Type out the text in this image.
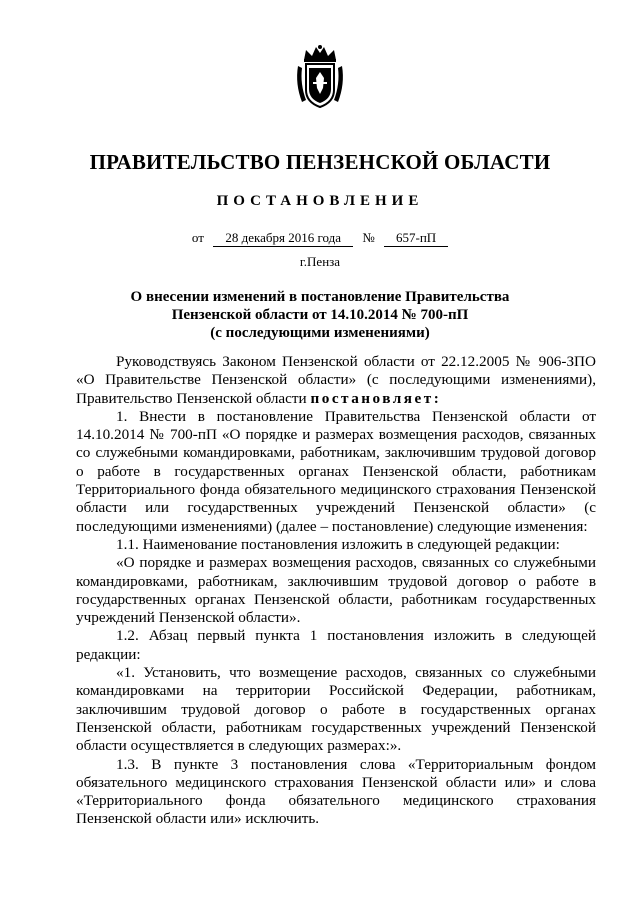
ПРАВИТЕЛЬСТВО ПЕНЗЕНСКОЙ ОБЛАСТИ
ПОСТАНОВЛЕНИЕ
от 28 декабря 2016 года № 657-пП
г.Пенза
О внесении изменений в постановление Правительства
Пензенской области от 14.10.2014 № 700-пП
(с последующими изменениями)

Руководствуясь Законом Пензенской области от 22.12.2005 № 906-ЗПО «О Правительстве Пензенской области» (с последующими изменениями), Правительство Пензенской области постановляет:

1. Внести в постановление Правительства Пензенской области от 14.10.2014 № 700-пП «О порядке и размерах возмещения расходов, связанных со служебными командировками, работникам, заключившим трудовой договор о работе в государственных органах Пензенской области, работникам Территориального фонда обязательного медицинского страхования Пензенской области или государственных учреждений Пензенской области» (с последующими изменениями) (далее – постановление) следующие изменения:

1.1. Наименование постановления изложить в следующей редакции:

«О порядке и размерах возмещения расходов, связанных со служебными командировками, работникам, заключившим трудовой договор о работе в государственных органах Пензенской области, работникам государственных учреждений Пензенской области».

1.2. Абзац первый пункта 1 постановления изложить в следующей редакции:

«1. Установить, что возмещение расходов, связанных со служебными командировками на территории Российской Федерации, работникам, заключившим трудовой договор о работе в государственных органах Пензенской области, работникам государственных учреждений Пензенской области осуществляется в следующих размерах:».

1.3. В пункте 3 постановления слова «Территориальным фондом обязательного медицинского страхования Пензенской области или» и слова «Территориального фонда обязательного медицинского страхования Пензенской области или» исключить.
